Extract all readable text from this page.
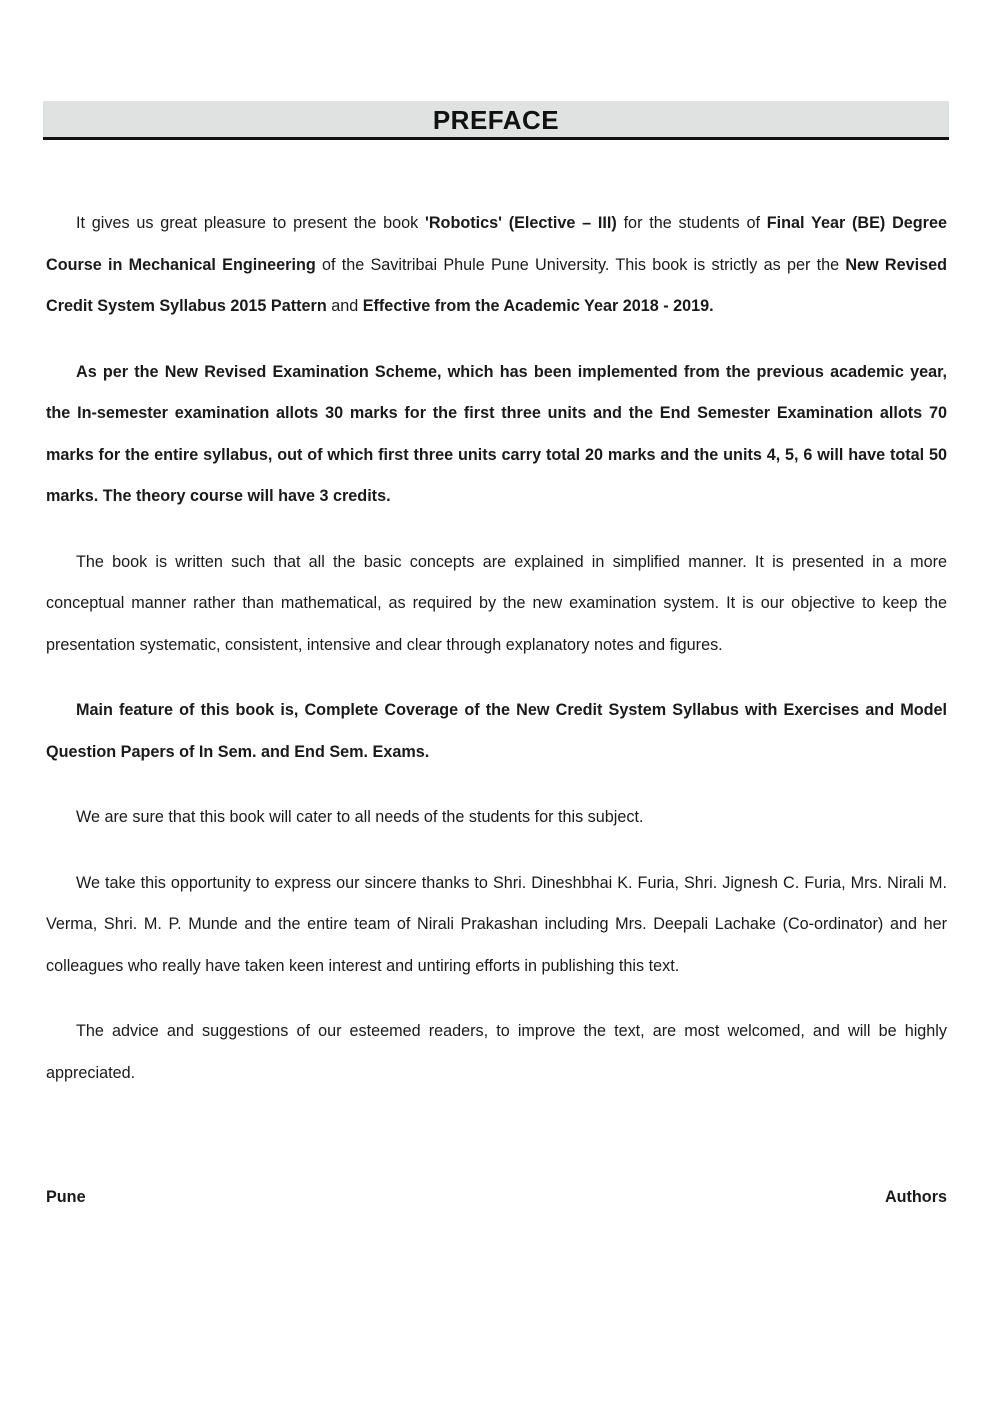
PREFACE

It gives us great pleasure to present the book 'Robotics' (Elective – III) for the students of Final Year (BE) Degree Course in Mechanical Engineering of the Savitribai Phule Pune University. This book is strictly as per the New Revised Credit System Syllabus 2015 Pattern and Effective from the Academic Year 2018 - 2019.

As per the New Revised Examination Scheme, which has been implemented from the previous academic year, the In-semester examination allots 30 marks for the first three units and the End Semester Examination allots 70 marks for the entire syllabus, out of which first three units carry total 20 marks and the units 4, 5, 6 will have total 50 marks. The theory course will have 3 credits.

The book is written such that all the basic concepts are explained in simplified manner. It is presented in a more conceptual manner rather than mathematical, as required by the new examination system. It is our objective to keep the presentation systematic, consistent, intensive and clear through explanatory notes and figures.

Main feature of this book is, Complete Coverage of the New Credit System Syllabus with Exercises and Model Question Papers of In Sem. and End Sem. Exams.

We are sure that this book will cater to all needs of the students for this subject.

We take this opportunity to express our sincere thanks to Shri. Dineshbhai K. Furia, Shri. Jignesh C. Furia, Mrs. Nirali M. Verma, Shri. M. P. Munde and the entire team of Nirali Prakashan including Mrs. Deepali Lachake (Co-ordinator) and her colleagues who really have taken keen interest and untiring efforts in publishing this text.

The advice and suggestions of our esteemed readers, to improve the text, are most welcomed, and will be highly appreciated.

Pune	Authors
